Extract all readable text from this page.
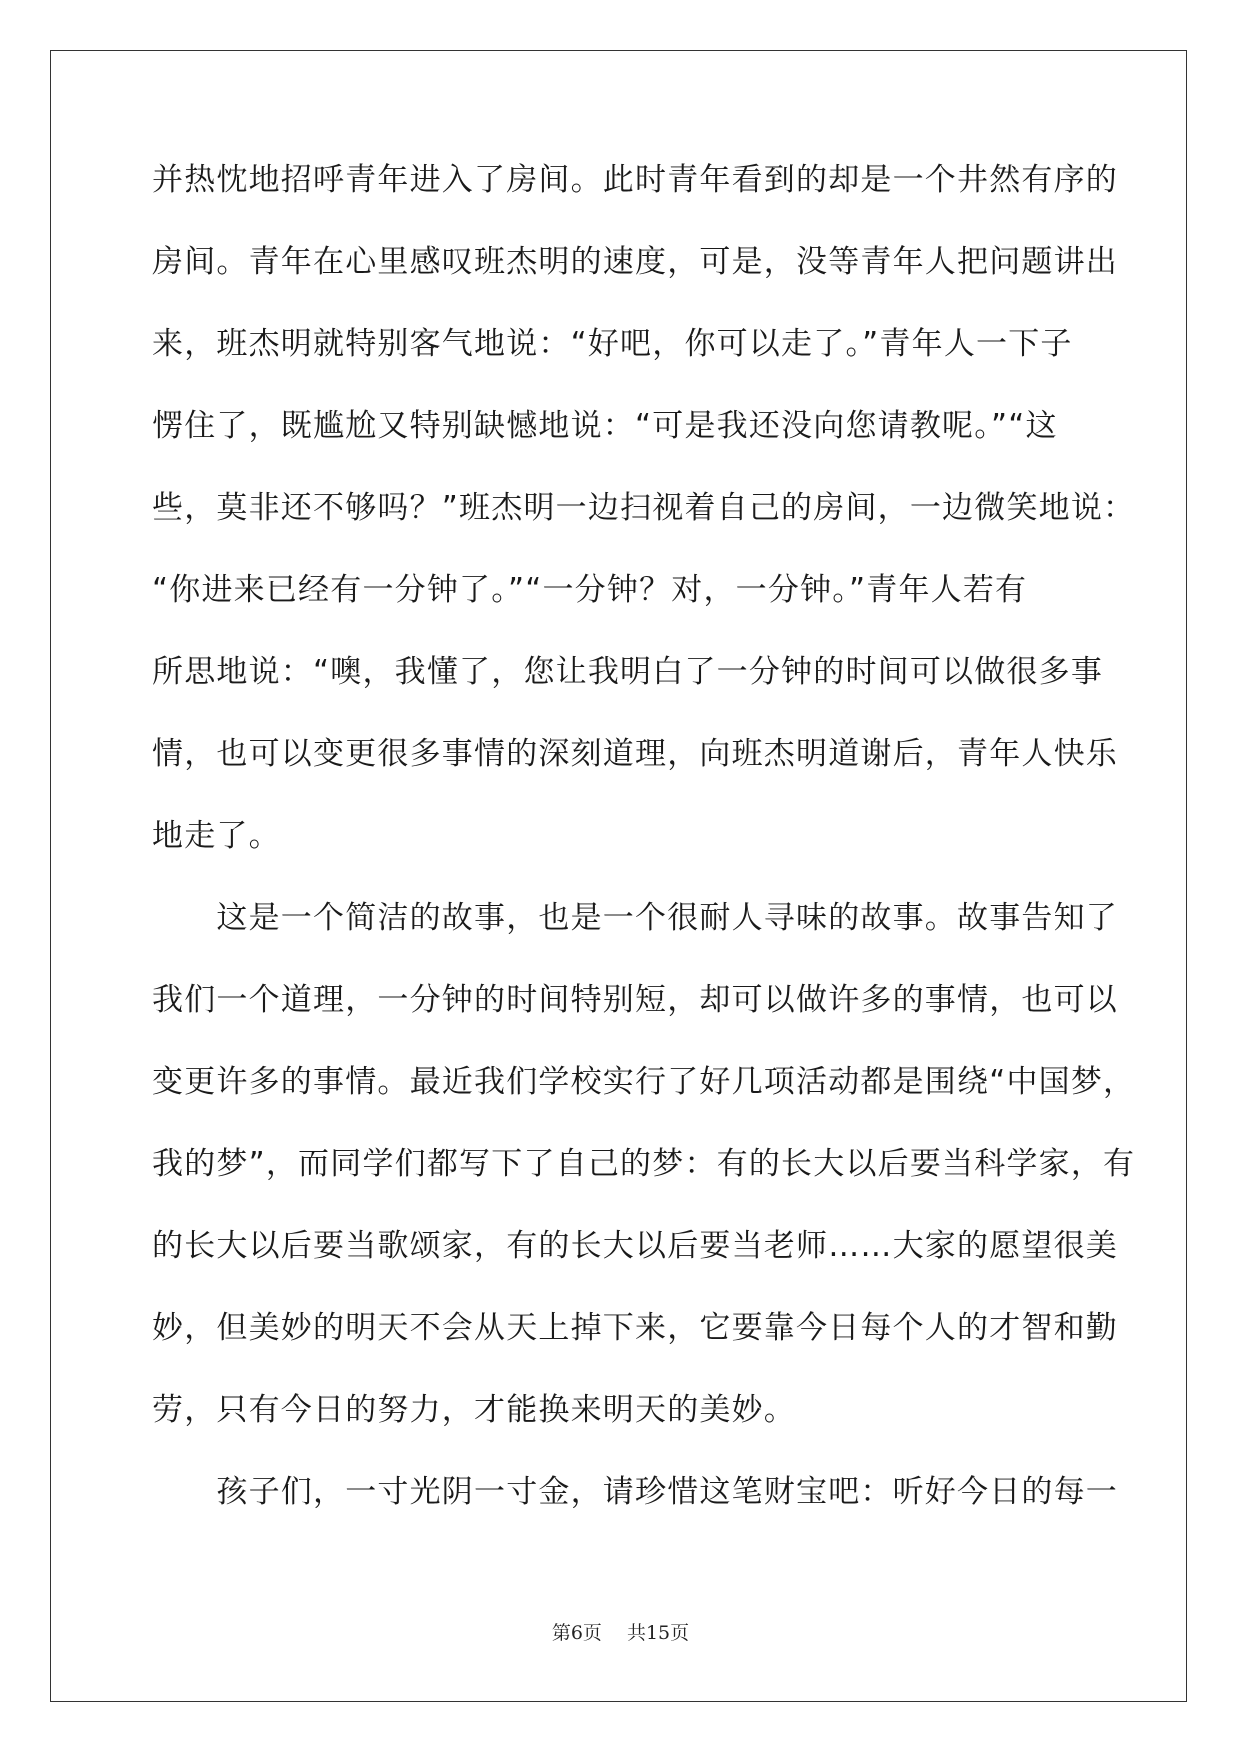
并热忱地招呼青年进入了房间。此时青年看到的却是一个井然有序的
房间。青年在心里感叹班杰明的速度，可是，没等青年人把问题讲出
来，班杰明就特别客气地说：“好吧，你可以走了。”青年人一下子
愣住了，既尴尬又特别缺憾地说：“可是我还没向您请教呢。”“这
些，莫非还不够吗？”班杰明一边扫视着自己的房间，一边微笑地说：
“你进来已经有一分钟了。”“一分钟？对，一分钟。”青年人若有
所思地说：“噢，我懂了，您让我明白了一分钟的时间可以做很多事
情，也可以变更很多事情的深刻道理，向班杰明道谢后，青年人快乐
地走了。
　　这是一个简洁的故事，也是一个很耐人寻味的故事。故事告知了
我们一个道理，一分钟的时间特别短，却可以做许多的事情，也可以
变更许多的事情。最近我们学校实行了好几项活动都是围绕“中国梦，
我的梦”，而同学们都写下了自己的梦：有的长大以后要当科学家，有
的长大以后要当歌颂家，有的长大以后要当老师……大家的愿望很美
妙，但美妙的明天不会从天上掉下来，它要靠今日每个人的才智和勤
劳，只有今日的努力，才能换来明天的美妙。
　　孩子们，一寸光阴一寸金，请珍惜这笔财宝吧：听好今日的每一
第6页　 共15页
